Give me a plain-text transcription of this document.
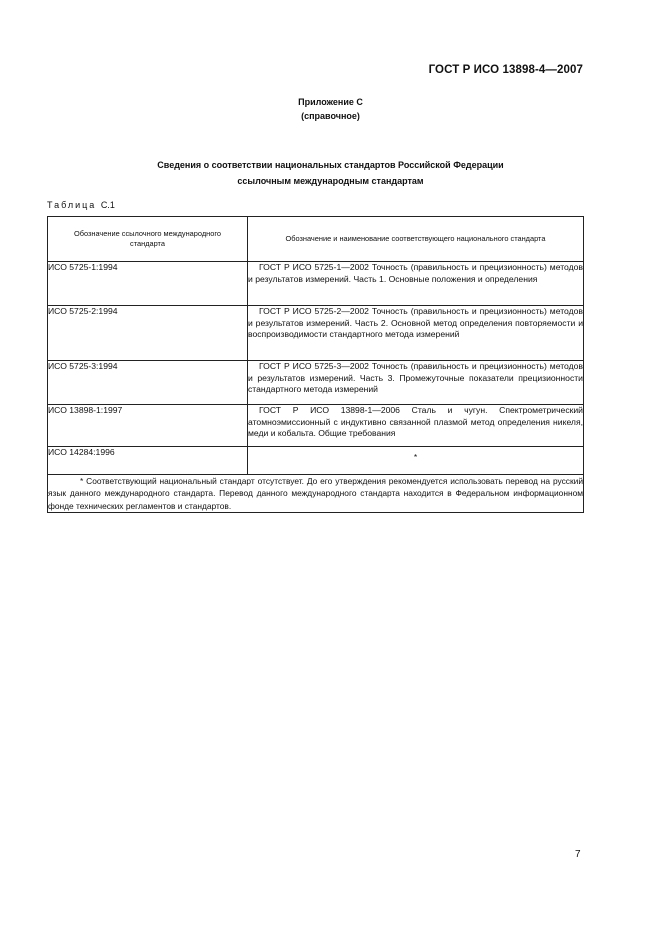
ГОСТ Р ИСО 13898-4—2007
Приложение С
(справочное)
Сведения о соответствии национальных стандартов Российской Федерации
ссылочным международным стандартам
Таблица С.1
Обозначение ссылочного международного стандарта	Обозначение и наименование соответствующего национального стандарта
ИСО 5725-1:1994	ГОСТ Р ИСО 5725-1—2002 Точность (правильность и прецизионность) методов и результатов измерений. Часть 1. Основные положения и определения
ИСО 5725-2:1994	ГОСТ Р ИСО 5725-2—2002 Точность (правильность и прецизионность) методов и результатов измерений. Часть 2. Основной метод определения повторяемости и воспроизводимости стандартного метода измерений
ИСО 5725-3:1994	ГОСТ Р ИСО 5725-3—2002 Точность (правильность и прецизионность) методов и результатов измерений. Часть 3. Промежуточные показатели прецизионности стандартного метода измерений
ИСО 13898-1:1997	ГОСТ Р ИСО 13898-1—2006 Сталь и чугун. Спектрометрический атомноэмиссионный с индуктивно связанной плазмой метод определения никеля, меди и кобальта. Общие требования
ИСО 14284:1996	*
* Соответствующий национальный стандарт отсутствует. До его утверждения рекомендуется использовать перевод на русский язык данного международного стандарта. Перевод данного международного стандарта находится в Федеральном информационном фонде технических регламентов и стандартов.	
7
